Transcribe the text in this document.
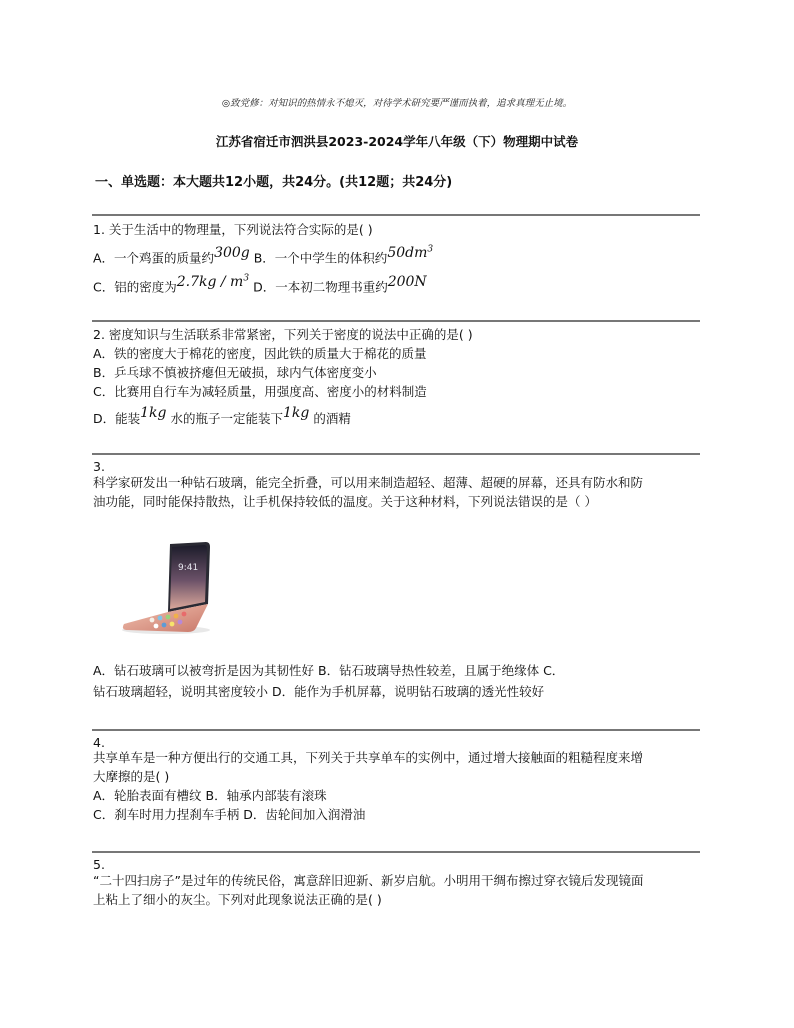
◎致党修：对知识的热情永不熄灭，对待学术研究要严谨而执着，追求真理无止境。
江苏省宿迁市泗洪县2023-2024学年八年级（下）物理期中试卷
一、单选题：本大题共12小题，共24分。(共12题；共24分)
1. 关于生活中的物理量，下列说法符合实际的是( )
A．一个鸡蛋的质量约300g B．一个中学生的体积约$50dm^3$
C．铝的密度为$2.7kg / m^3$ D．一本初二物理书重约200N
2. 密度知识与生活联系非常紧密，下列关于密度的说法中正确的是( )
A．铁的密度大于棉花的密度，因此铁的质量大于棉花的质量
B．乒乓球不慎被挤瘪但无破损，球内气体密度变小
C．比赛用自行车为减轻质量，用强度高、密度小的材料制造
D．能装1kg 水的瓶子一定能装下1kg 的酒精
3.
科学家研发出一种钻石玻璃，能完全折叠，可以用来制造超轻、超薄、超硬的屏幕，还具有防水和防
油功能，同时能保持散热，让手机保持较低的温度。关于这种材料，下列说法错误的是（ ）
9:41
A．钻石玻璃可以被弯折是因为其韧性好 B．钻石玻璃导热性较差，且属于绝缘体 C．
钻石玻璃超轻，说明其密度较小 D．能作为手机屏幕，说明钻石玻璃的透光性较好
4.
共享单车是一种方便出行的交通工具，下列关于共享单车的实例中，通过增大接触面的粗糙程度来增
大摩擦的是( )
A．轮胎表面有槽纹 B．轴承内部装有滚珠
C．刹车时用力捏刹车手柄 D．齿轮间加入润滑油
5.
“二十四扫房子”是过年的传统民俗，寓意辞旧迎新、新岁启航。小明用干绸布擦过穿衣镜后发现镜面
上粘上了细小的灰尘。下列对此现象说法正确的是( )
